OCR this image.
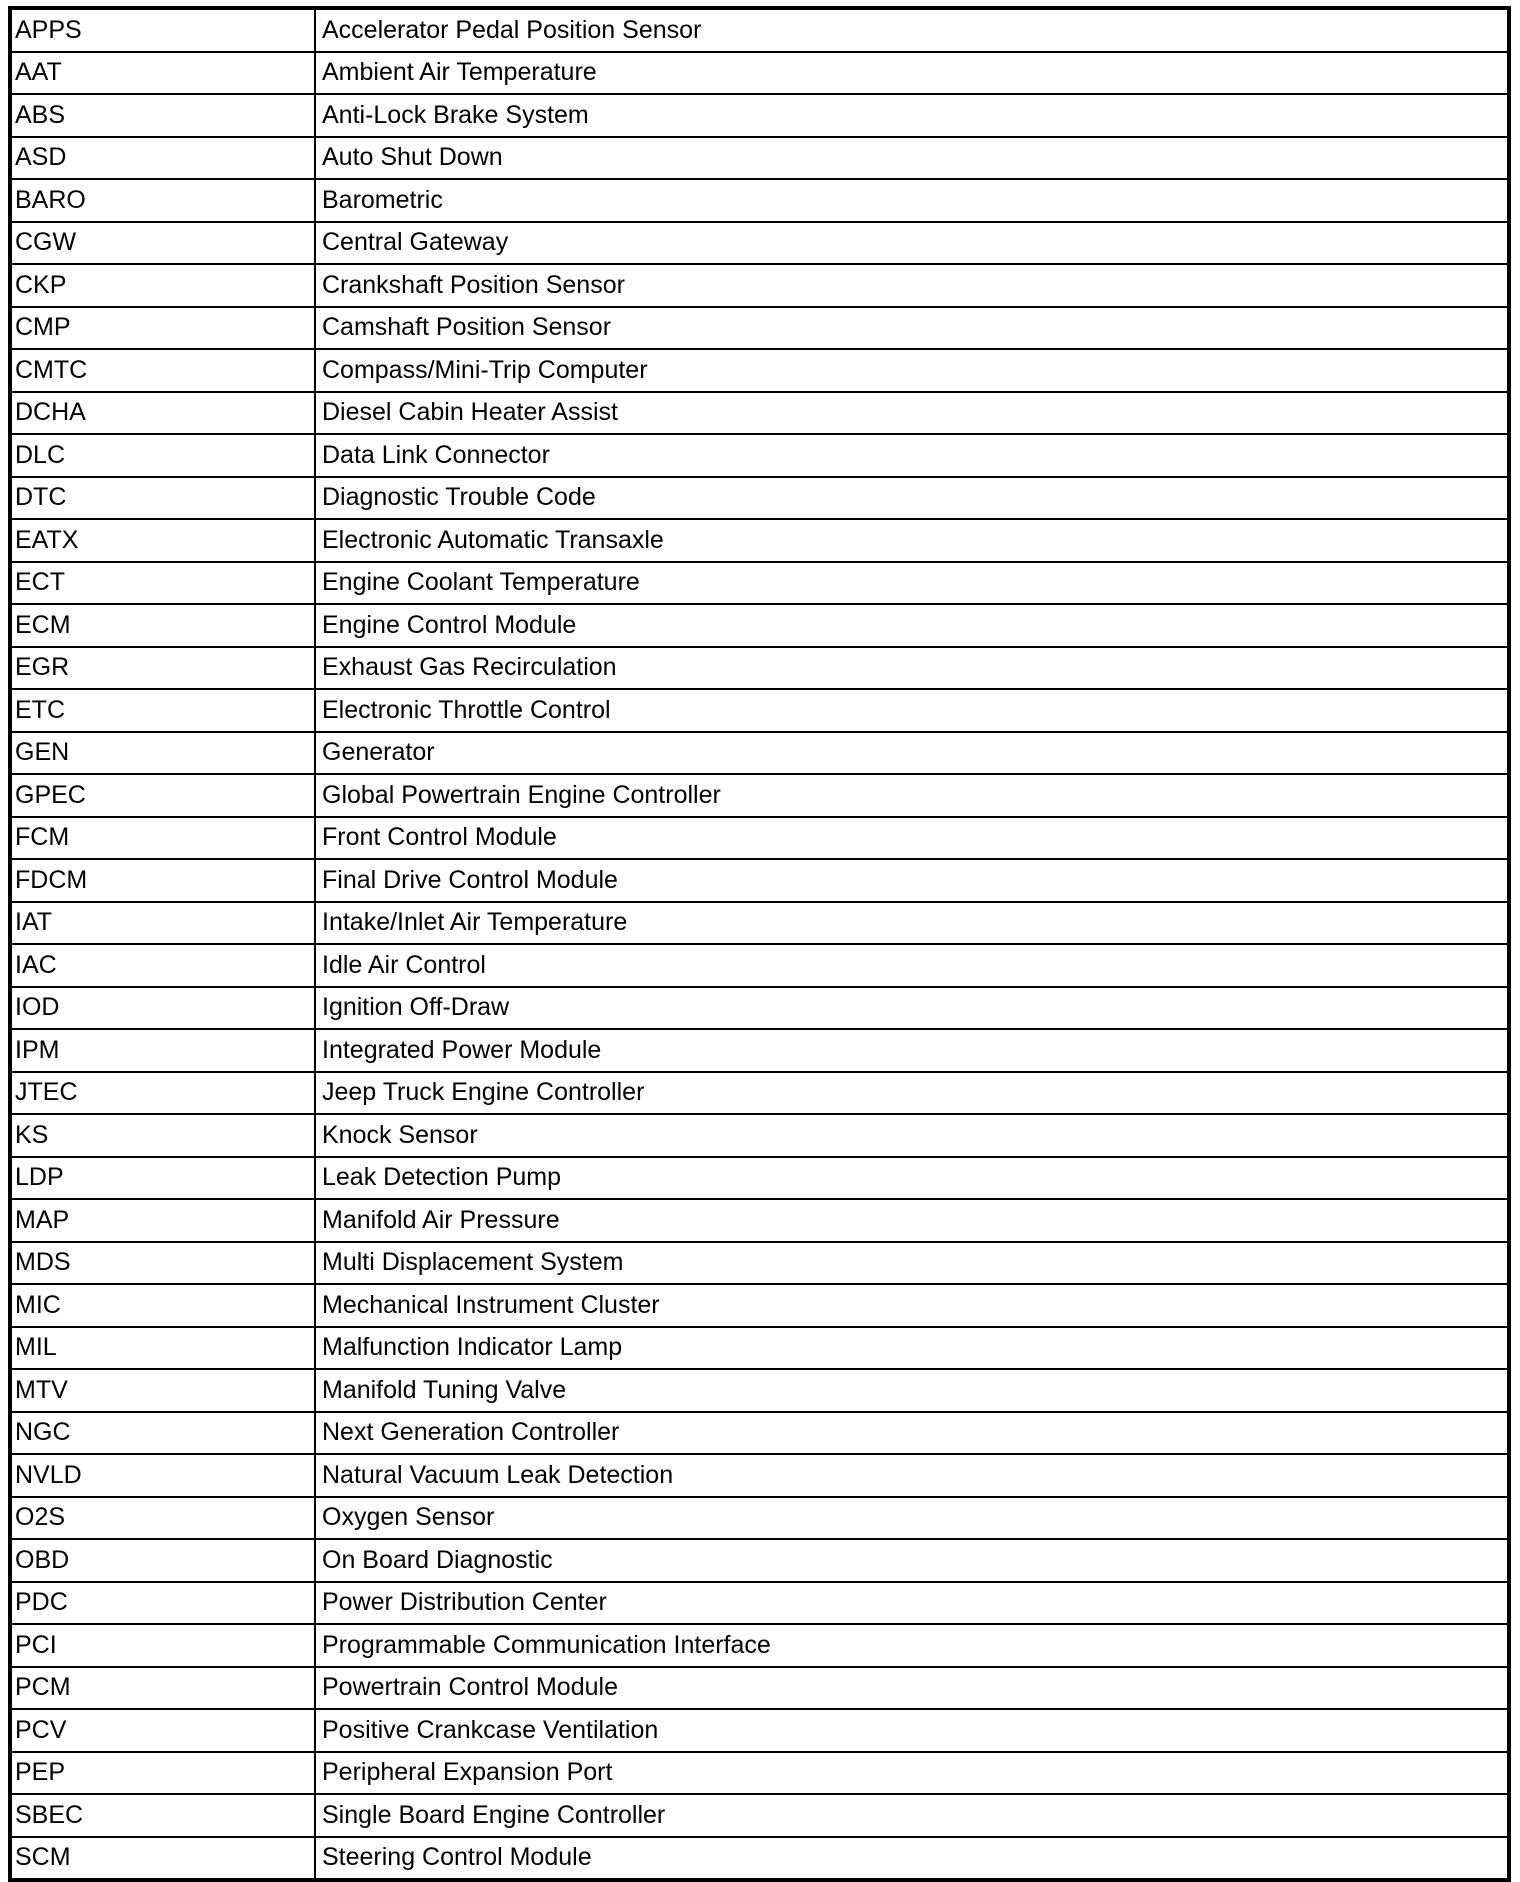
APPS	Accelerator Pedal Position Sensor
AAT	Ambient Air Temperature
ABS	Anti-Lock Brake System
ASD	Auto Shut Down
BARO	Barometric
CGW	Central Gateway
CKP	Crankshaft Position Sensor
CMP	Camshaft Position Sensor
CMTC	Compass/Mini-Trip Computer
DCHA	Diesel Cabin Heater Assist
DLC	Data Link Connector
DTC	Diagnostic Trouble Code
EATX	Electronic Automatic Transaxle
ECT	Engine Coolant Temperature
ECM	Engine Control Module
EGR	Exhaust Gas Recirculation
ETC	Electronic Throttle Control
GEN	Generator
GPEC	Global Powertrain Engine Controller
FCM	Front Control Module
FDCM	Final Drive Control Module
IAT	Intake/Inlet Air Temperature
IAC	Idle Air Control
IOD	Ignition Off-Draw
IPM	Integrated Power Module
JTEC	Jeep Truck Engine Controller
KS	Knock Sensor
LDP	Leak Detection Pump
MAP	Manifold Air Pressure
MDS	Multi Displacement System
MIC	Mechanical Instrument Cluster
MIL	Malfunction Indicator Lamp
MTV	Manifold Tuning Valve
NGC	Next Generation Controller
NVLD	Natural Vacuum Leak Detection
O2S	Oxygen Sensor
OBD	On Board Diagnostic
PDC	Power Distribution Center
PCI	Programmable Communication Interface
PCM	Powertrain Control Module
PCV	Positive Crankcase Ventilation
PEP	Peripheral Expansion Port
SBEC	Single Board Engine Controller
SCM	Steering Control Module
